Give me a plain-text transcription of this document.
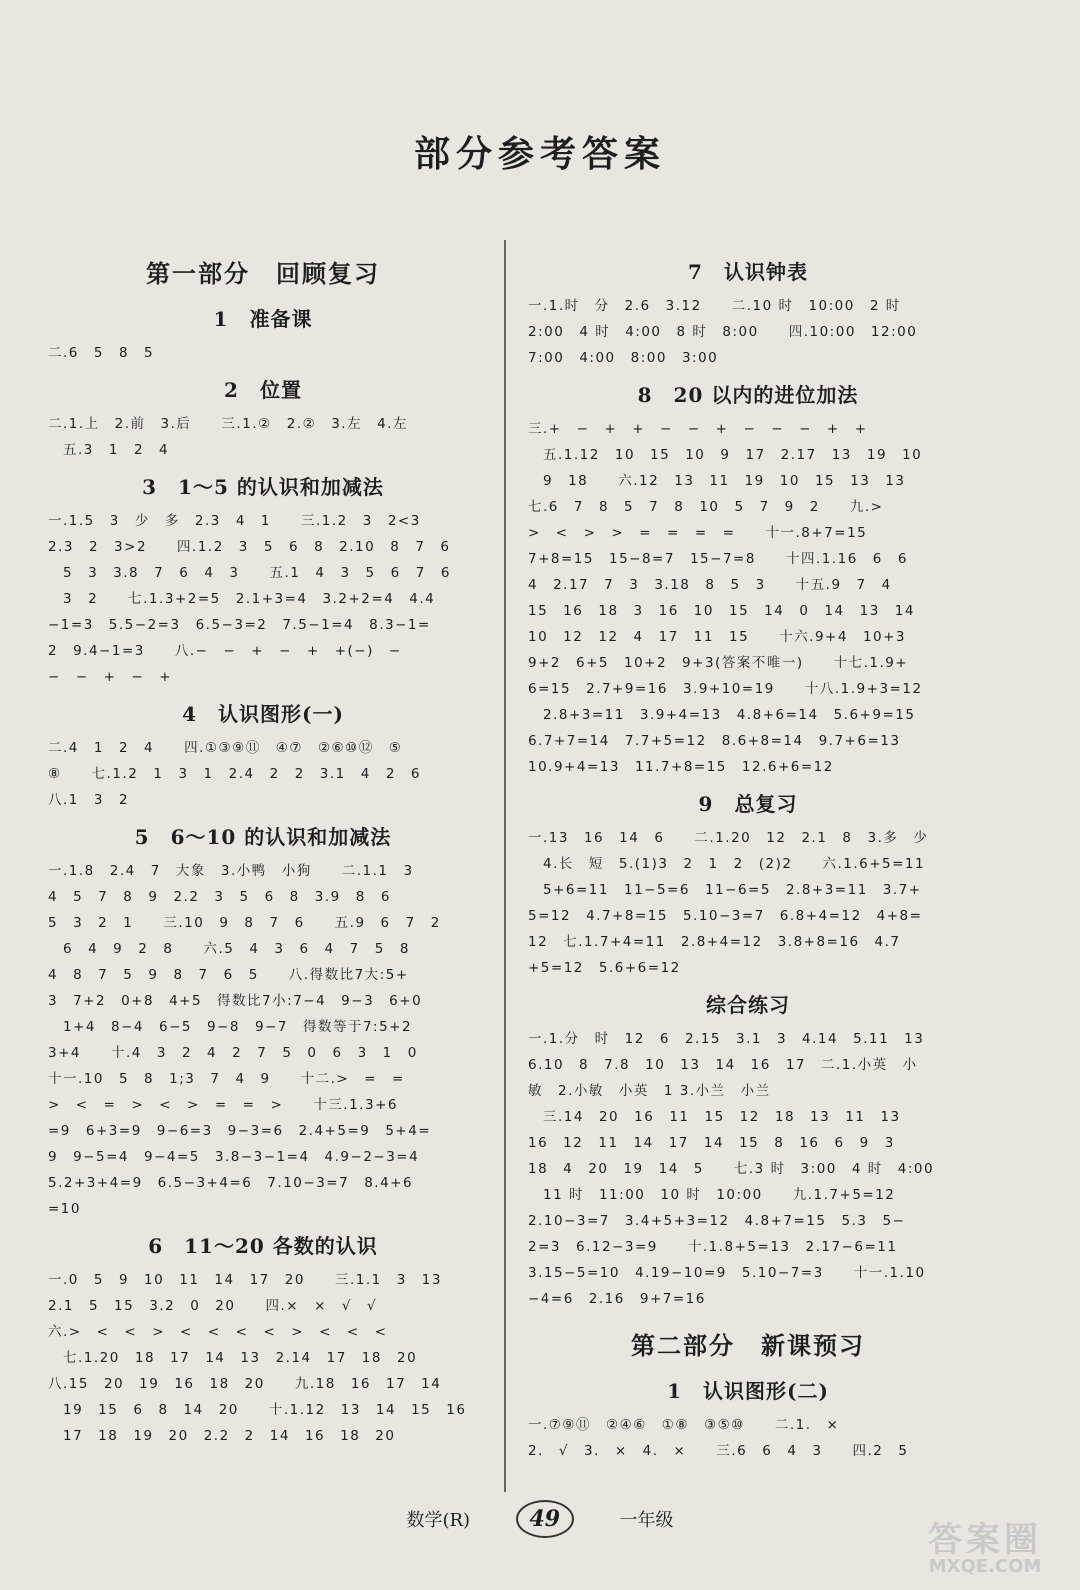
部分参考答案
第一部分　回顾复习
1　准备课
二.6　5　8　5
2　位置
二.1.上　2.前　3.后　　三.1.②　2.②　3.左　4.左
　五.3　1　2　4
3　1～5 的认识和加减法
一.1.5　3　少　多　2.3　4　1　　三.1.2　3　2<3
2.3　2　3>2　　四.1.2　3　5　6　8　2.10　8　7　6
　5　3　3.8　7　6　4　3　　五.1　4　3　5　6　7　6
　3　2　　七.1.3+2=5　2.1+3=4　3.2+2=4　4.4
−1=3　5.5−2=3　6.5−3=2　7.5−1=4　8.3−1=
2　9.4−1=3　　八.−　−　+　−　+　+(−)　−
−　−　+　−　+
4　认识图形(一)
二.4　1　2　4　　四.①③⑨⑪　④⑦　②⑥⑩⑫　⑤
⑧　　七.1.2　1　3　1　2.4　2　2　3.1　4　2　6
八.1　3　2
5　6～10 的认识和加减法
一.1.8　2.4　7　大象　3.小鸭　小狗　　二.1.1　3
4　5　7　8　9　2.2　3　5　6　8　3.9　8　6
5　3　2　1　　三.10　9　8　7　6　　五.9　6　7　2
　6　4　9　2　8　　六.5　4　3　6　4　7　5　8
4　8　7　5　9　8　7　6　5　　八.得数比7大:5+
3　7+2　0+8　4+5　得数比7小:7−4　9−3　6+0
　1+4　8−4　6−5　9−8　9−7　得数等于7:5+2
3+4　　十.4　3　2　4　2　7　5　0　6　3　1　0
十一.10　5　8　1;3　7　4　9　　十二.>　=　=
>　<　=　>　<　>　=　=　>　　十三.1.3+6
=9　6+3=9　9−6=3　9−3=6　2.4+5=9　5+4=
9　9−5=4　9−4=5　3.8−3−1=4　4.9−2−3=4
5.2+3+4=9　6.5−3+4=6　7.10−3=7　8.4+6
=10
6　11～20 各数的认识
一.0　5　9　10　11　14　17　20　　三.1.1　3　13
2.1　5　15　3.2　0　20　　四.×　×　√　√
六.>　<　<　>　<　<　<　<　>　<　<　<
　七.1.20　18　17　14　13　2.14　17　18　20
八.15　20　19　16　18　20　　九.18　16　17　14
　19　15　6　8　14　20　　十.1.12　13　14　15　16
　17　18　19　20　2.2　2　14　16　18　20
7　认识钟表
一.1.时　分　2.6　3.12　　二.10 时　10:00　2 时
2:00　4 时　4:00　8 时　8:00　　四.10:00　12:00
7:00　4:00　8:00　3:00
8　20 以内的进位加法
三.+　−　+　+　−　−　+　−　−　−　+　+
　五.1.12　10　15　10　9　17　2.17　13　19　10
　9　18　　六.12　13　11　19　10　15　13　13
七.6　7　8　5　7　8　10　5　7　9　2　　九.>
>　<　>　>　=　=　=　=　　十一.8+7=15
7+8=15　15−8=7　15−7=8　　十四.1.16　6　6
4　2.17　7　3　3.18　8　5　3　　十五.9　7　4
15　16　18　3　16　10　15　14　0　14　13　14
10　12　12　4　17　11　15　　十六.9+4　10+3
9+2　6+5　10+2　9+3(答案不唯一)　　十七.1.9+
6=15　2.7+9=16　3.9+10=19　　十八.1.9+3=12
　2.8+3=11　3.9+4=13　4.8+6=14　5.6+9=15
6.7+7=14　7.7+5=12　8.6+8=14　9.7+6=13
10.9+4=13　11.7+8=15　12.6+6=12
9　总复习
一.13　16　14　6　　二.1.20　12　2.1　8　3.多　少
　4.长　短　5.(1)3　2　1　2　(2)2　　六.1.6+5=11
　5+6=11　11−5=6　11−6=5　2.8+3=11　3.7+
5=12　4.7+8=15　5.10−3=7　6.8+4=12　4+8=
12　七.1.7+4=11　2.8+4=12　3.8+8=16　4.7
+5=12　5.6+6=12
综合练习
一.1.分　时　12　6　2.15　3.1　3　4.14　5.11　13
6.10　8　7.8　10　13　14　16　17　二.1.小英　小
敏　2.小敏　小英　1 3.小兰　小兰
　三.14　20　16　11　15　12　18　13　11　13
16　12　11　14　17　14　15　8　16　6　9　3
18　4　20　19　14　5　　七.3 时　3:00　4 时　4:00
　11 时　11:00　10 时　10:00　　九.1.7+5=12
2.10−3=7　3.4+5+3=12　4.8+7=15　5.3　5−
2=3　6.12−3=9　　十.1.8+5=13　2.17−6=11
3.15−5=10　4.19−10=9　5.10−7=3　　十一.1.10
−4=6　2.16　9+7=16
第二部分　新课预习
1　认识图形(二)
一.⑦⑨⑪　②④⑥　①⑧　③⑤⑩　　二.1.　×
2.　√　3.　×　4.　×　　三.6　6　4　3　　四.2　5
数学(R)	49	一年级	答案圈
MXQE.COM
